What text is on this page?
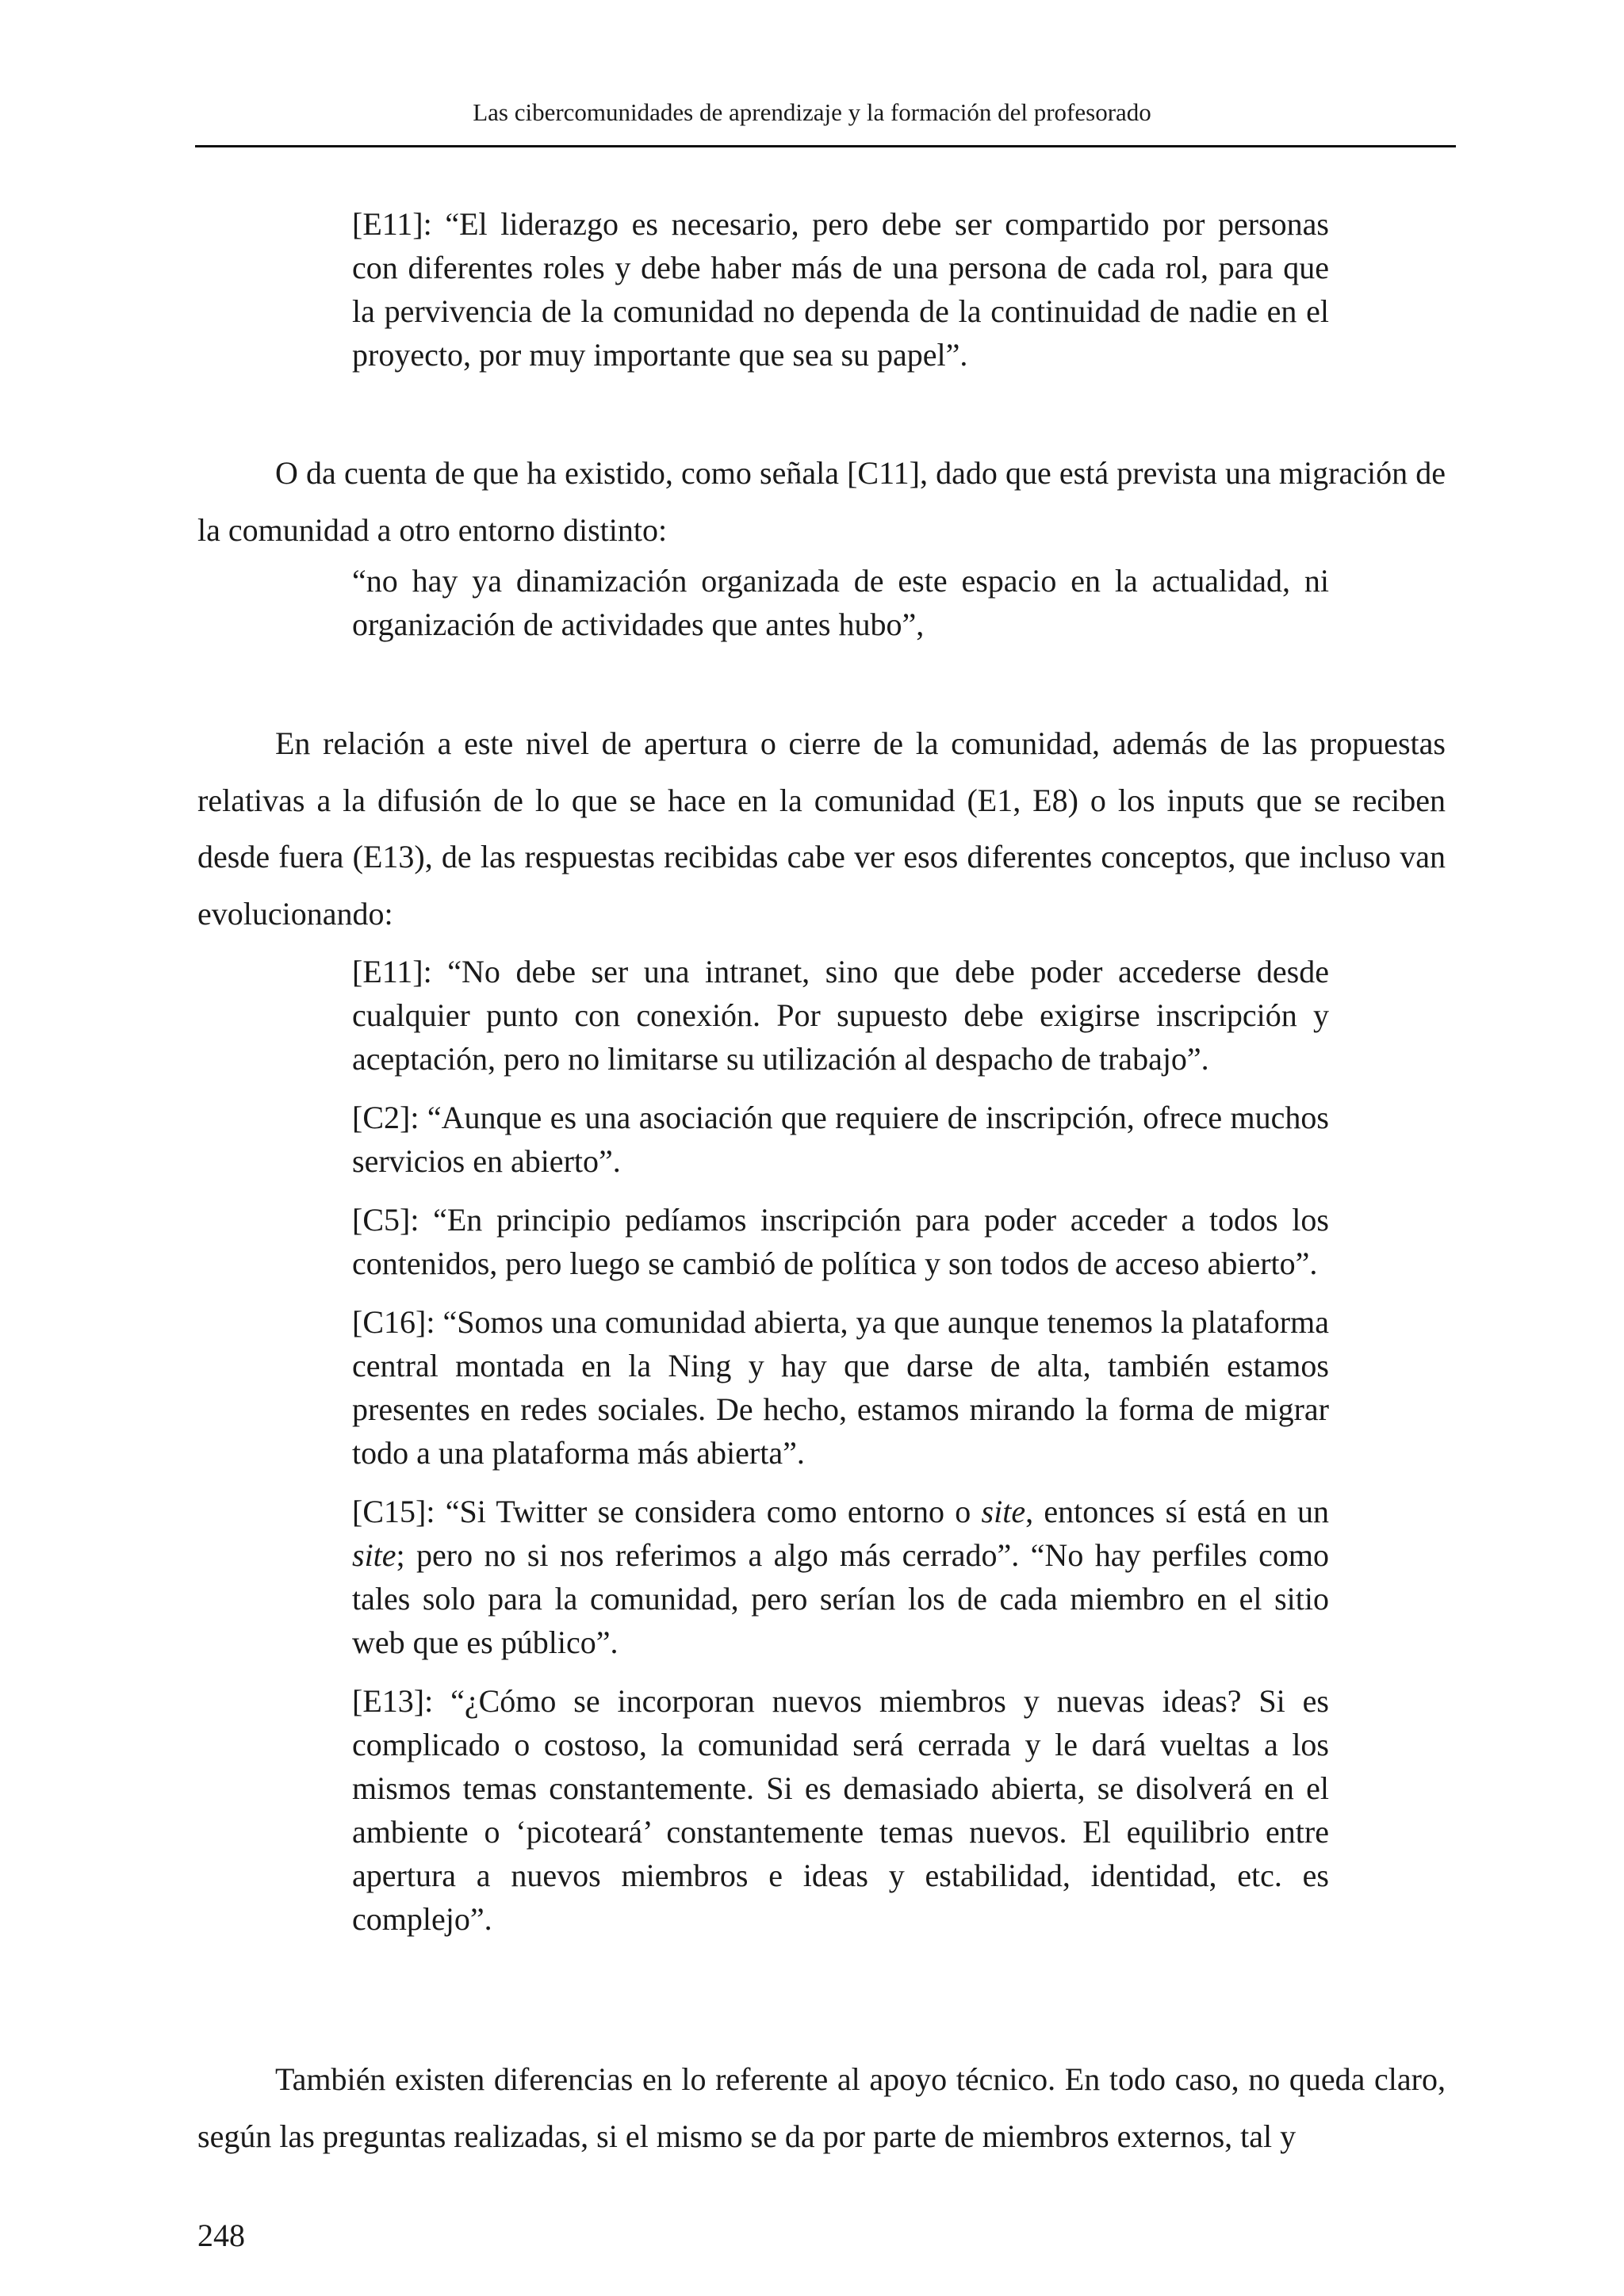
Las cibercomunidades de aprendizaje y la formación del profesorado

[E11]: “El liderazgo es necesario, pero debe ser compartido por personas con diferentes roles y debe haber más de una persona de cada rol, para que la pervivencia de la comunidad no dependa de la continuidad de nadie en el proyecto, por muy importante que sea su papel”.

O da cuenta de que ha existido, como señala [C11], dado que está prevista una migración de la comunidad a otro entorno distinto:

“no hay ya dinamización organizada de este espacio en la actualidad, ni organización de actividades que antes hubo”,

En relación a este nivel de apertura o cierre de la comunidad, además de las propuestas relativas a la difusión de lo que se hace en la comunidad (E1, E8) o los inputs que se reciben desde fuera (E13), de las respuestas recibidas cabe ver esos diferentes conceptos, que incluso van evolucionando:

[E11]: “No debe ser una intranet, sino que debe poder accederse desde cualquier punto con conexión. Por supuesto debe exigirse inscripción y aceptación, pero no limitarse su utilización al despacho de trabajo”.

[C2]: “Aunque es una asociación que requiere de inscripción, ofrece muchos servicios en abierto”.

[C5]: “En principio pedíamos inscripción para poder acceder a todos los contenidos, pero luego se cambió de política y son todos de acceso abierto”.

[C16]: “Somos una comunidad abierta, ya que aunque tenemos la plataforma central montada en la Ning y hay que darse de alta, también estamos presentes en redes sociales. De hecho, estamos mirando la forma de migrar todo a una plataforma más abierta”.

[C15]: “Si Twitter se considera como entorno o site, entonces sí está en un site; pero no si nos referimos a algo más cerrado”. “No hay perfiles como tales solo para la comunidad, pero serían los de cada miembro en el sitio web que es público”.

[E13]: “¿Cómo se incorporan nuevos miembros y nuevas ideas? Si es complicado o costoso, la comunidad será cerrada y le dará vueltas a los mismos temas constantemente. Si es demasiado abierta, se disolverá en el ambiente o ‘picoteará’ constantemente temas nuevos. El equilibrio entre apertura a nuevos miembros e ideas y estabilidad, identidad, etc. es complejo”.

También existen diferencias en lo referente al apoyo técnico. En todo caso, no queda claro, según las preguntas realizadas, si el mismo se da por parte de miembros externos, tal y

248
